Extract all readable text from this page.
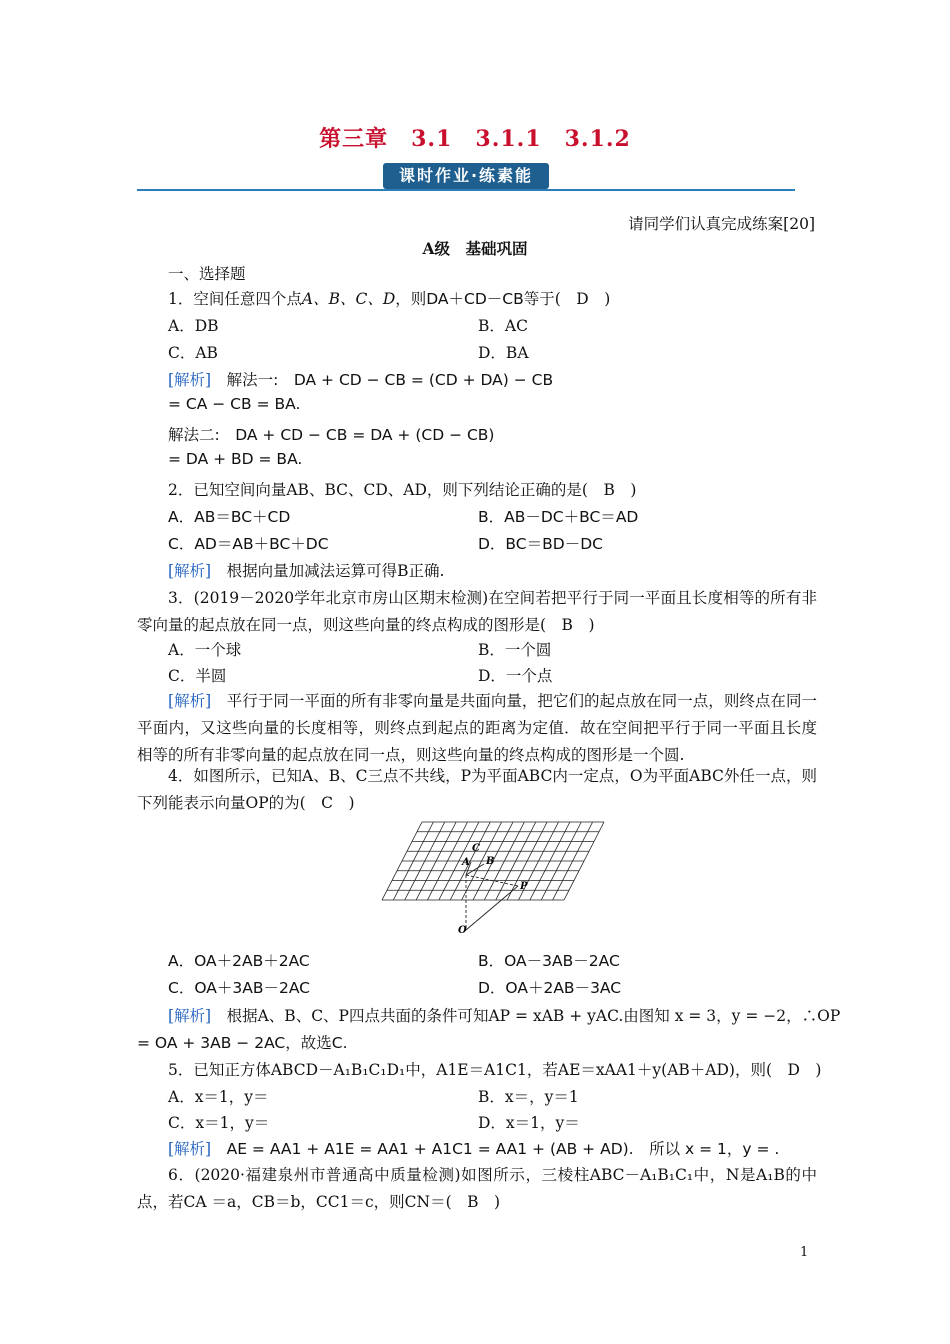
第三章　3.1　3.1.1　3.1.2
课时作业·练素能
请同学们认真完成练案[20]
A级　基础巩固
一、选择题
1．空间任意四个点A、B、C、D，则DA＋CD－CB等于(　D　)
A．DB	B．AC
C．AB	D．BA
[解析]　解法一:　DA + CD − CB = (CD + DA) − CB
= CA − CB = BA.
解法二:　DA + CD − CB = DA + (CD − CB)
= DA + BD = BA.
2．已知空间向量AB、BC、CD、AD，则下列结论正确的是(　B　)
A．AB＝BC＋CD	B．AB－DC＋BC＝AD
C．AD＝AB＋BC＋DC	D．BC＝BD－DC
[解析]　根据向量加减法运算可得B正确.
3．(2019－2020学年北京市房山区期末检测)在空间若把平行于同一平面且长度相等的所有非零向量的起点放在同一点，则这些向量的终点构成的图形是(　B　)
A．一个球	B．一个圆
C．半圆	D．一个点
[解析]　平行于同一平面的所有非零向量是共面向量，把它们的起点放在同一点，则终点在同一平面内，又这些向量的长度相等，则终点到起点的距离为定值．故在空间把平行于同一平面且长度相等的所有非零向量的起点放在同一点，则这些向量的终点构成的图形是一个圆.
4．如图所示，已知A、B、C三点不共线，P为平面ABC内一定点，O为平面ABC外任一点，则下列能表示向量OP的为(　C　)
C
A B
P
O
A．OA＋2AB＋2AC	B．OA－3AB－2AC
C．OA＋3AB－2AC	D．OA＋2AB－3AC
[解析]　根据A、B、C、P四点共面的条件可知AP = xAB + yAC.由图知 x = 3，y = −2，∴OP
= OA + 3AB − 2AC，故选C.
5．已知正方体ABCD－A₁B₁C₁D₁中，A1E＝A1C1，若AE＝xAA1＋y(AB＋AD)，则(　D　)
A．x＝1，y＝	B．x＝，y＝1
C．x＝1，y＝	D．x＝1，y＝
[解析]　AE = AA1 + A1E = AA1 + A1C1 = AA1 + (AB + AD).　所以 x = 1，y = .
6．(2020·福建泉州市普通高中质量检测)如图所示，三棱柱ABC－A₁B₁C₁中，N是A₁B的中点，若CA ＝a，CB＝b，CC1＝c，则CN＝(　B　)
1
